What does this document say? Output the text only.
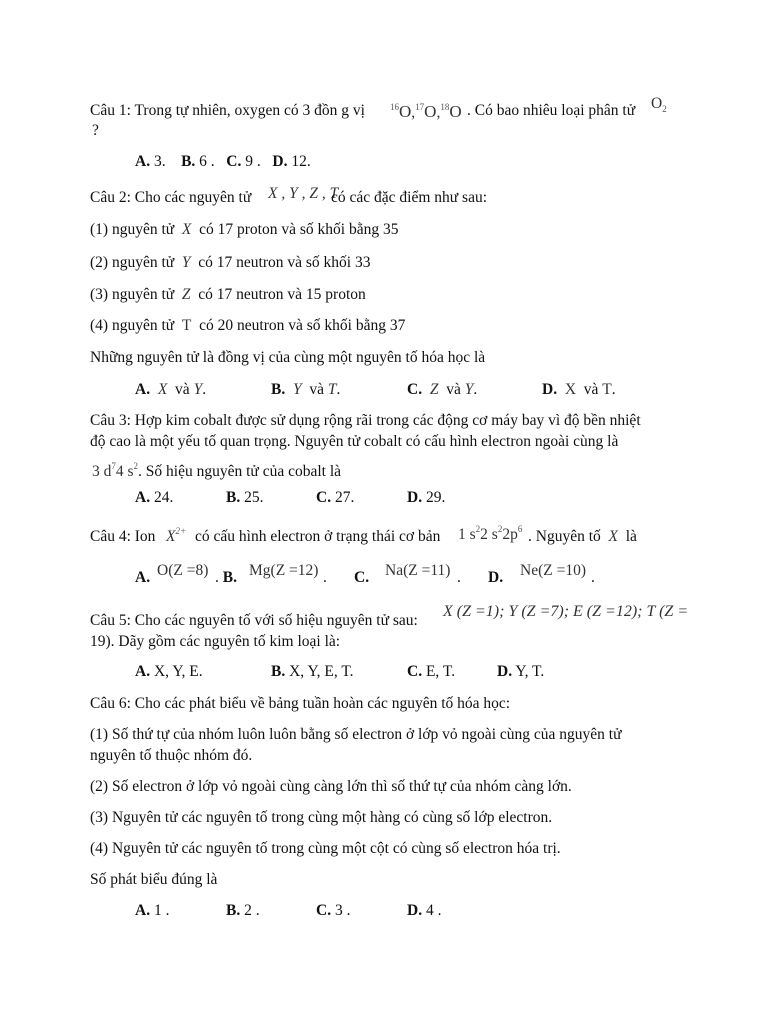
Câu 1: Trong tự nhiên, oxygen có 3 đồn g vị	$^{16}$O,$^{17}$O,$^{18}$O . Có bao nhiêu loại phân tử $O_2$
?
A. 3. B. 6 . C. 9 . D. 12.
Câu 2: Cho các nguyên tử X , Y , Z , T
có các đặc điểm như sau:
(1) nguyên tử X có 17 proton và số khối bằng 35
(2) nguyên tử Y có 17 neutron và số khối 33
(3) nguyên tử Z có 17 neutron và 15 proton
(4) nguyên tử T có 20 neutron và số khối bằng 37
Những nguyên tử là đồng vị của cùng một nguyên tố hóa học là
A. X và Y.	B. Y và T.	C. Z và Y.	D. X và T.
Câu 3: Hợp kim cobalt được sử dụng rộng rãi trong các động cơ máy bay vì độ bền nhiệt
độ cao là một yếu tố quan trọng. Nguyên tử cobalt có cấu hình electron ngoài cùng là
3 $d^74$ $s^2$. Số hiệu nguyên tử của cobalt là
A. 24.	B. 25.	C. 27.	D. 29.
Câu 4: Ion $X^{2+}$ có cấu hình electron ở trạng thái cơ bản 1 $s^22$ $s^22p^6$ . Nguyên tố X là
A. O(Z =8) . B. Mg(Z =12) .       C. Na(Z =11) .       D. Ne(Z =10) .
Câu 5: Cho các nguyên tố với số hiệu nguyên tử sau:
X (Z =1); Y (Z =7); E (Z =12); T (Z =
19). Dãy gồm các nguyên tố kim loại là:
A. X, Y, E.	B. X, Y, E, T.	C. E, T.	D. Y, T.
Câu 6: Cho các phát biểu về bảng tuần hoàn các nguyên tố hóa học:
(1) Số thứ tự của nhóm luôn luôn bằng số electron ở lớp vỏ ngoài cùng của nguyên tử
nguyên tố thuộc nhóm đó.
(2) Số electron ở lớp vỏ ngoài cùng càng lớn thì số thứ tự của nhóm càng lớn.
(3) Nguyên tử các nguyên tố trong cùng một hàng có cùng số lớp electron.
(4) Nguyên tử các nguyên tố trong cùng một cột có cùng số electron hóa trị.
Số phát biểu đúng là
A. 1 .	B. 2 .	C. 3 .	D. 4 .
